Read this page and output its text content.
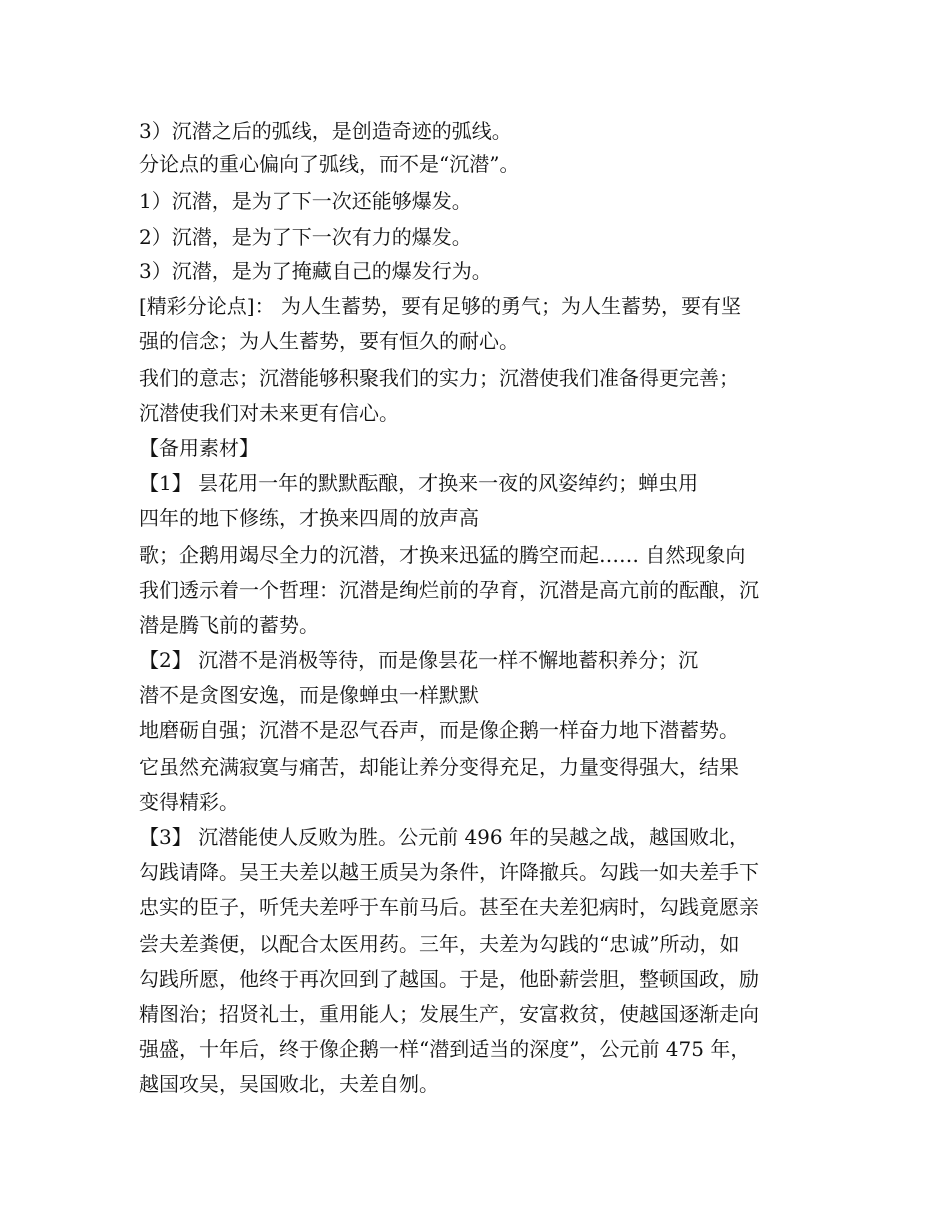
3）沉潜之后的弧线，是创造奇迹的弧线。
分论点的重心偏向了弧线，而不是“沉潜”。
1）沉潜，是为了下一次还能够爆发。
2）沉潜，是为了下一次有力的爆发。
3）沉潜，是为了掩藏自己的爆发行为。
[精彩分论点]： 为人生蓄势，要有足够的勇气；为人生蓄势，要有坚
强的信念；为人生蓄势，要有恒久的耐心。
我们的意志；沉潜能够积聚我们的实力；沉潜使我们准备得更完善；
沉潜使我们对未来更有信心。
【备用素材】
【1】 昙花用一年的默默酝酿，才换来一夜的风姿绰约；蝉虫用
四年的地下修练，才换来四周的放声高
歌；企鹅用竭尽全力的沉潜，才换来迅猛的腾空而起…… 自然现象向
我们透示着一个哲理：沉潜是绚烂前的孕育，沉潜是高亢前的酝酿，沉
潜是腾飞前的蓄势。
【2】 沉潜不是消极等待，而是像昙花一样不懈地蓄积养分；沉
潜不是贪图安逸，而是像蝉虫一样默默
地磨砺自强；沉潜不是忍气吞声，而是像企鹅一样奋力地下潜蓄势。
它虽然充满寂寞与痛苦，却能让养分变得充足，力量变得强大，结果
变得精彩。
【3】 沉潜能使人反败为胜。公元前 496 年的吴越之战，越国败北，
勾践请降。吴王夫差以越王质吴为条件，许降撤兵。勾践一如夫差手下
忠实的臣子，听凭夫差呼于车前马后。甚至在夫差犯病时，勾践竟愿亲
尝夫差粪便，以配合太医用药。三年，夫差为勾践的“忠诚”所动，如
勾践所愿，他终于再次回到了越国。于是，他卧薪尝胆，整顿国政，励
精图治；招贤礼士，重用能人；发展生产，安富救贫，使越国逐渐走向
强盛，十年后，终于像企鹅一样“潜到适当的深度”，公元前 475 年，
越国攻吴，吴国败北，夫差自刎。
